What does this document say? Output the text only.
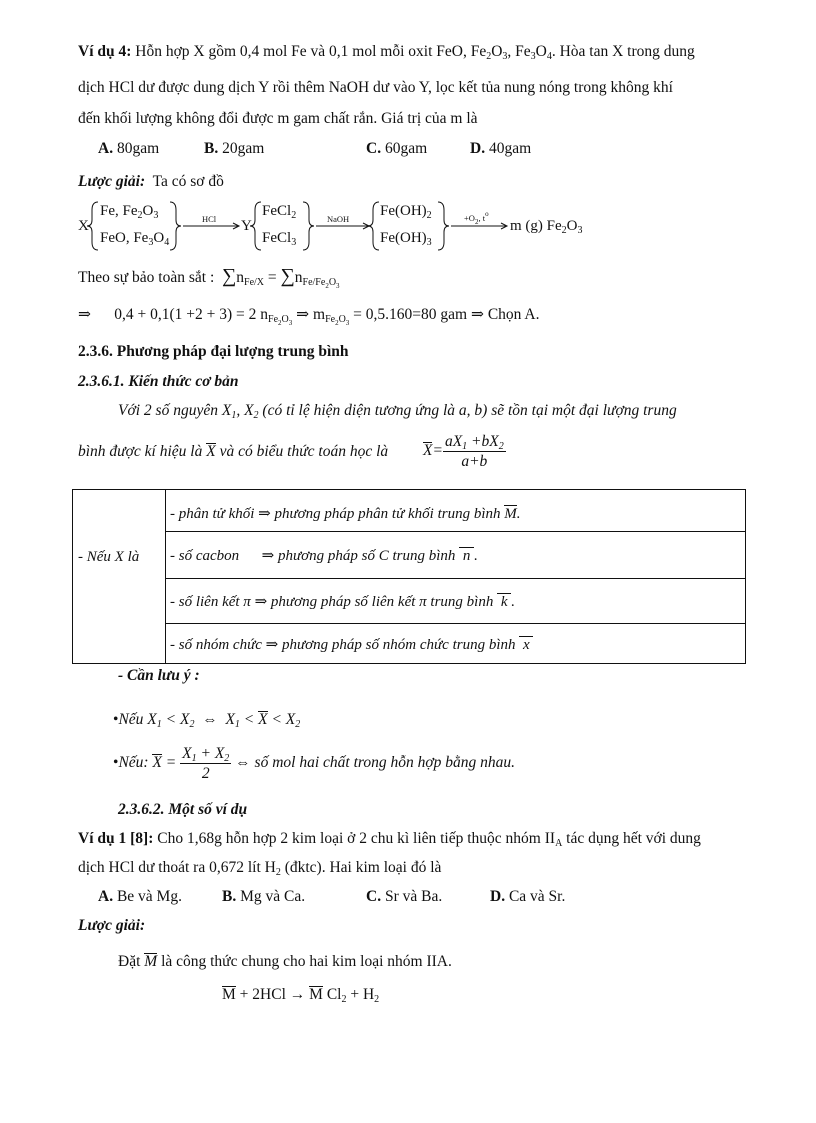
Ví dụ 4: Hỗn hợp X gồm 0,4 mol Fe và 0,1 mol mỗi oxit FeO, $Fe_2O_3$, $Fe_3O_4$. Hòa tan X trong dung
dịch HCl dư được dung dịch Y rồi thêm NaOH dư vào Y, lọc kết tủa nung nóng trong không khí
đến khối lượng không đổi được m gam chất rắn. Giá trị của m là
A. 80gam	B. 20gam	C. 60gam	D. 40gam
Lược giải: Ta có sơ đồ
X
Fe, $Fe_2O_3$
FeO, $Fe_3O_4$
HCl Y
FeCl$_2$
FeCl$_3$
NaOH $Fe(OH)_2$
$Fe(OH)_3$
$+O_2$, $t^o$
m (g) $Fe_2O_3$
Theo sự bảo toàn sắt : $\sum n_{Fe/X} = \sum n_{Fe/Fe_2O_3}$
⇒      0,4 + 0,1(1 +2 + 3) = 2 $n_{Fe_2O_3}$ ⇒ $m_{Fe_2O_3} = 0,5.160=80$ gam ⇒ Chọn A.
2.3.6. Phương pháp đại lượng trung bình
2.3.6.1. Kiến thức cơ bản
Với 2 số nguyên $X_1$, $X_2$ (có tỉ lệ hiện diện tương ứng là a, b) sẽ tồn tại một đại lượng trung
bình được kí hiệu là X và có biểu thức toán học là $X= \frac{aX_1 +bX_2}{a+b}$

- Nếu X là
- phân tử khối ⇒ phương pháp phân tử khối trung bình M.
- số cacbon      ⇒ phương pháp số C trung bình  n .
- số liên kết π ⇒ phương pháp số liên kết π trung bình  k .
- số nhóm chức ⇒ phương pháp số nhóm chức trung bình  x
- Cần lưu ý :
•Nếu $X_1 < X_2$  ⇔  $X_1 < X < X_2$
•Nếu: $X = \frac{X_1 + X_2}{2}$ ⇔ số mol hai chất trong hỗn hợp bằng nhau.
2.3.6.2. Một số ví dụ
Ví dụ 1 [8]: Cho 1,68g hỗn hợp 2 kim loại ở 2 chu kì liên tiếp thuộc nhóm $II_A$ tác dụng hết với dung
dịch HCl dư thoát ra 0,672 lít $H_2$ (đktc). Hai kim loại đó là
A. Be và Mg.	B. Mg và Ca.	C. Sr và Ba.	D. Ca và Sr.
Lược giải:
Đặt M là công thức chung cho hai kim loại nhóm IIA.
M + 2HCl → M $Cl_2 + H_2$
